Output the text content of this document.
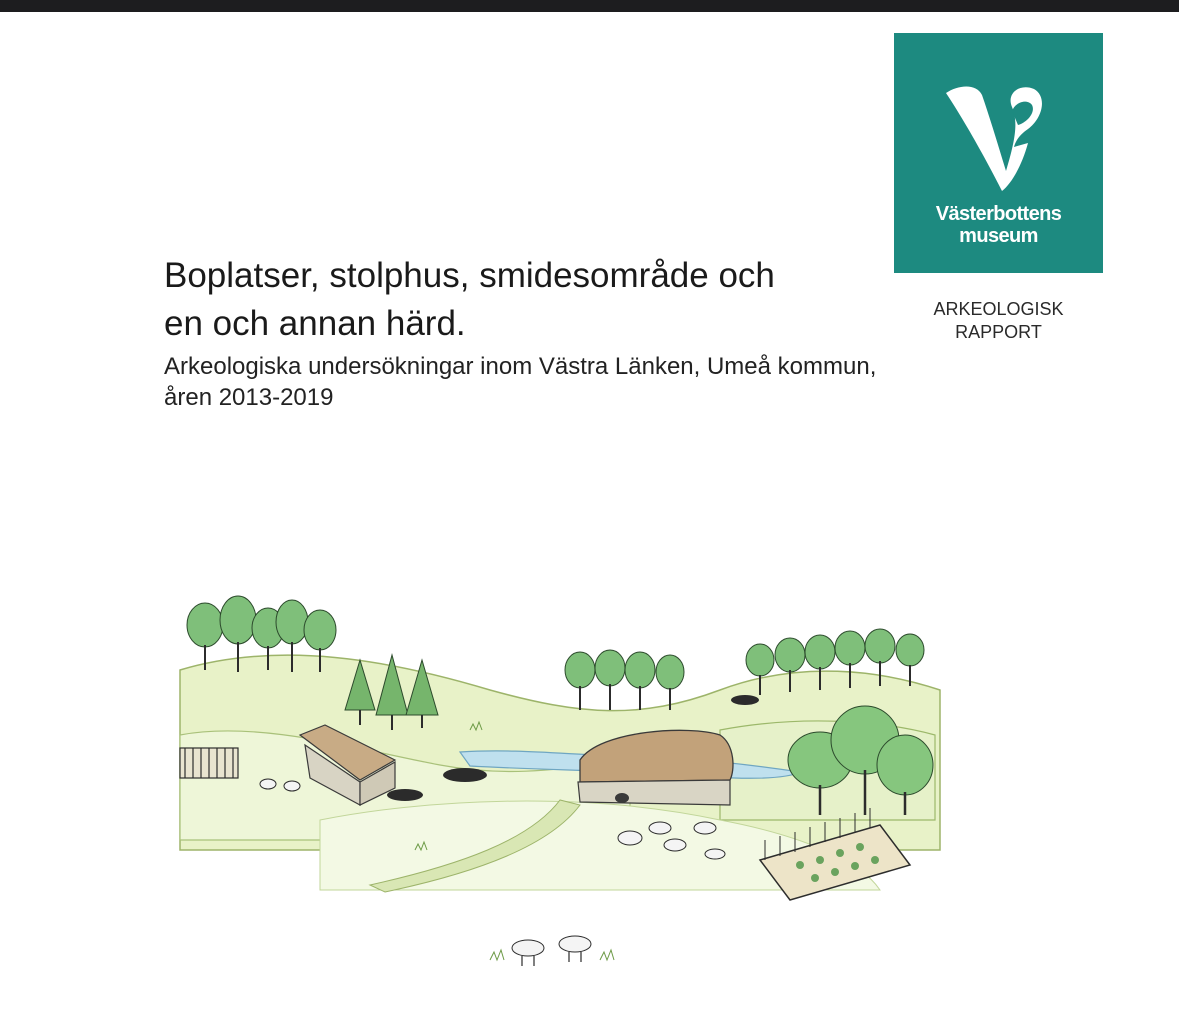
Västerbottens
museum
ARKEOLOGISK
RAPPORT
Boplatser, stolphus, smidesområde och
en och annan härd.
Arkeologiska undersökningar inom Västra Länken, Umeå kommun,
åren 2013-2019
